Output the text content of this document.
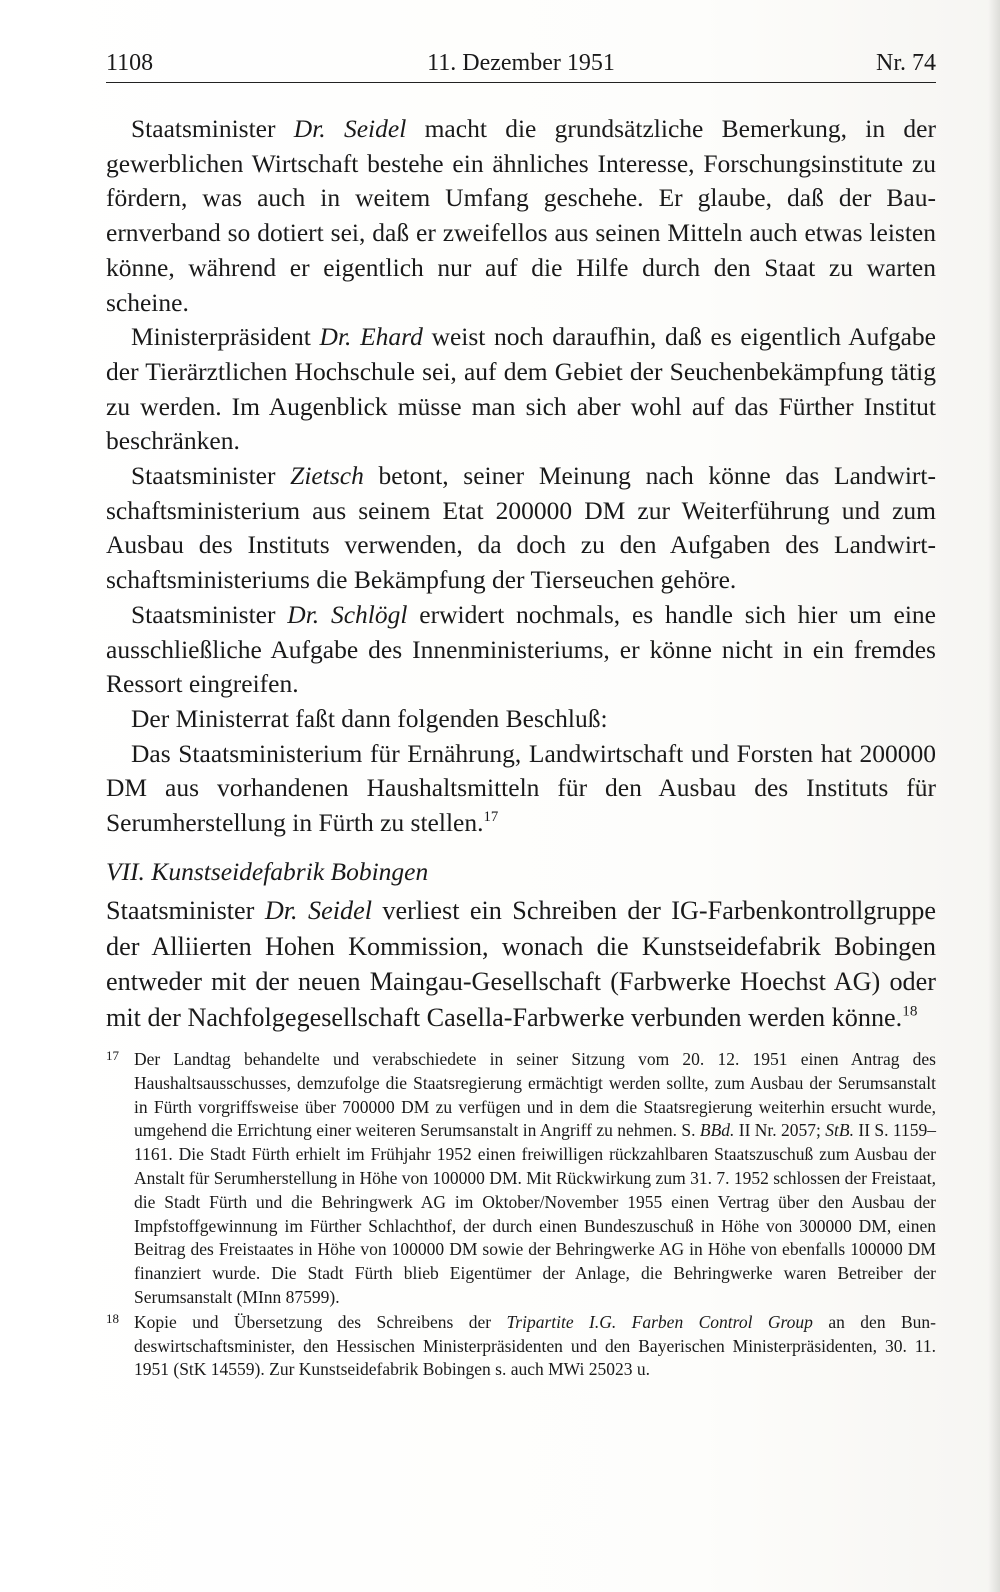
1108	11. Dezember 1951	Nr. 74

Staatsminister Dr. Seidel macht die grundsätzliche Bemerkung, in der gewerblichen Wirtschaft bestehe ein ähnliches Interesse, Forschungsinstitute zu fördern, was auch in weitem Umfang geschehe. Er glaube, daß der Bauernverband so dotiert sei, daß er zweifellos aus seinen Mitteln auch etwas leisten könne, während er eigentlich nur auf die Hilfe durch den Staat zu warten scheine.

Ministerpräsident Dr. Ehard weist noch daraufhin, daß es eigentlich Aufgabe der Tierärztlichen Hochschule sei, auf dem Gebiet der Seuchenbekämpfung tätig zu werden. Im Augenblick müsse man sich aber wohl auf das Fürther Institut beschränken.

Staatsminister Zietsch betont, seiner Meinung nach könne das Landwirtschaftsministerium aus seinem Etat 200000 DM zur Weiterführung und zum Ausbau des Instituts verwenden, da doch zu den Aufgaben des Landwirtschaftsministeriums die Bekämpfung der Tierseuchen gehöre.

Staatsminister Dr. Schlögl erwidert nochmals, es handle sich hier um eine ausschließliche Aufgabe des Innenministeriums, er könne nicht in ein fremdes Ressort eingreifen.

Der Ministerrat faßt dann folgenden Beschluß:

Das Staatsministerium für Ernährung, Landwirtschaft und Forsten hat 200000 DM aus vorhandenen Haushaltsmitteln für den Ausbau des Instituts für Serumherstellung in Fürth zu stellen.$^{17}$

VII. Kunstseidefabrik Bobingen

Staatsminister Dr. Seidel verliest ein Schreiben der IG-Farbenkontrollgruppe der Alliierten Hohen Kommission, wonach die Kunstseidefabrik Bobingen entweder mit der neuen Maingau-Gesellschaft (Farbwerke Hoechst AG) oder mit der Nachfolgegesellschaft Casella-Farbwerke verbunden werden könne.$^{18}$

17 Der Landtag behandelte und verabschiedete in seiner Sitzung vom 20. 12. 1951 einen Antrag des Haushaltsausschusses, demzufolge die Staatsregierung ermächtigt werden sollte, zum Ausbau der Serumsanstalt in Fürth vorgriffsweise über 700000 DM zu verfügen und in dem die Staatsregierung weiterhin ersucht wurde, umgehend die Errichtung einer weiteren Serumsanstalt in Angriff zu nehmen. S. BBd. II Nr. 2057; StB. II S. 1159–1161. Die Stadt Fürth erhielt im Frühjahr 1952 einen freiwilligen rückzahlbaren Staatszuschuß zum Ausbau der Anstalt für Serumherstellung in Höhe von 100000 DM. Mit Rückwirkung zum 31. 7. 1952 schlossen der Freistaat, die Stadt Fürth und die Behringwerk AG im Oktober/November 1955 einen Vertrag über den Ausbau der Impfstoffgewinnung im Fürther Schlachthof, der durch einen Bundeszuschuß in Höhe von 300000 DM, einen Beitrag des Freistaates in Höhe von 100000 DM sowie der Behringwerke AG in Höhe von ebenfalls 100000 DM finanziert wurde. Die Stadt Fürth blieb Eigentümer der Anlage, die Behringwerke waren Betreiber der Serumsanstalt (MInn 87599).
18 Kopie und Übersetzung des Schreibens der Tripartite I.G. Farben Control Group an den Bundeswirtschaftsminister, den Hessischen Ministerpräsidenten und den Bayerischen Ministerpräsidenten, 30. 11. 1951 (StK 14559). Zur Kunstseidefabrik Bobingen s. auch MWi 25023 u.
